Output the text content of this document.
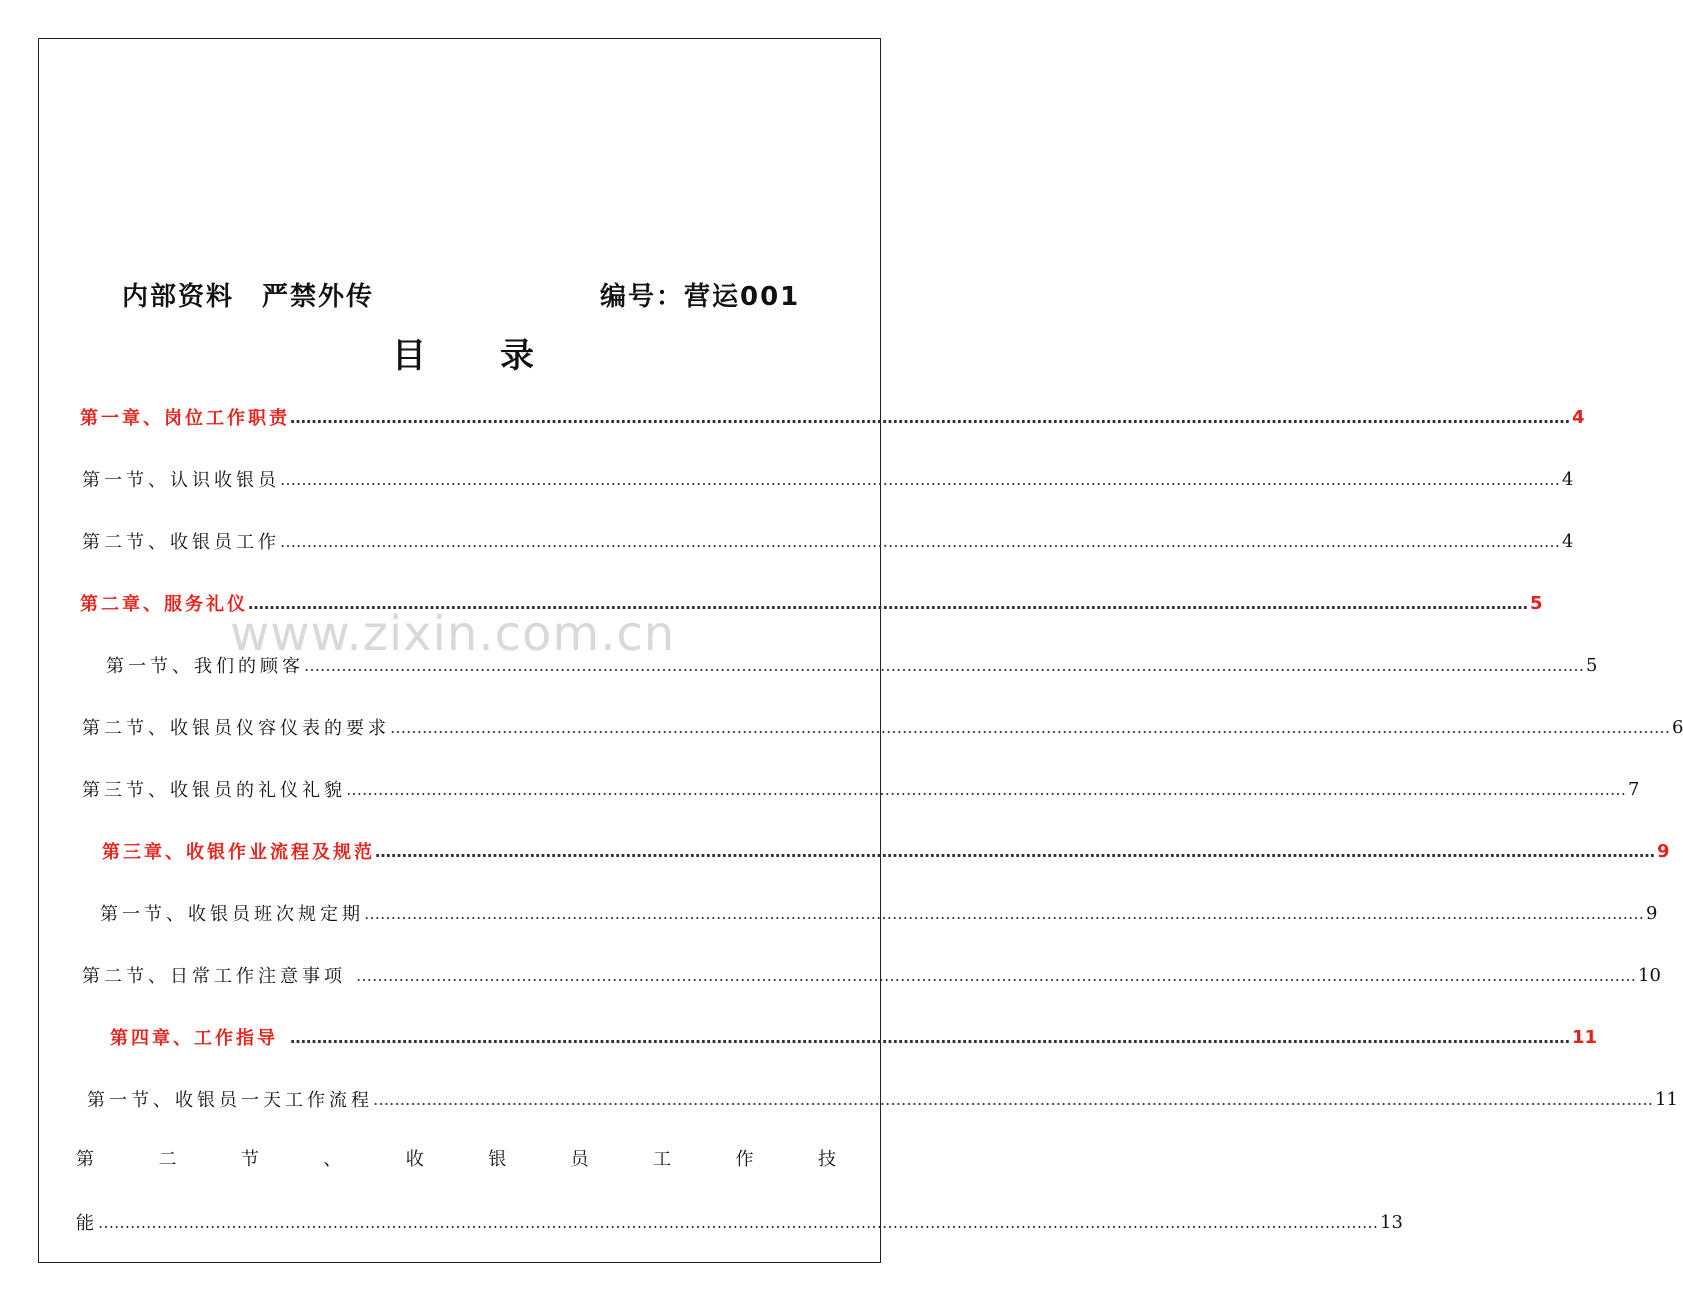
内部资料　严禁外传	编号：营运001
目 录
www.zixin.com.cn
第一章、岗位工作职责 …………………………………………………………………………………………………………………………………………………………………………………………………………………… 4
第一节、认识收银员 …………………………………………………………………………………………………………………………………………………………………………………………………………………… 4
第二节、收银员工作 …………………………………………………………………………………………………………………………………………………………………………………………………………………… 4
第二章、服务礼仪 …………………………………………………………………………………………………………………………………………………………………………………………………………………… 5
第一节、我们的顾客 …………………………………………………………………………………………………………………………………………………………………………………………………………………… 5
第二节、收银员仪容仪表的要求 …………………………………………………………………………………………………………………………………………………………………………………………………………………… 6
第三节、收银员的礼仪礼貌 …………………………………………………………………………………………………………………………………………………………………………………………………………………… 7
第三章、收银作业流程及规范 …………………………………………………………………………………………………………………………………………………………………………………………………………………… 9
第一节、收银员班次规定期 …………………………………………………………………………………………………………………………………………………………………………………………………………………… 9
第二节、日常工作注意事项 …………………………………………………………………………………………………………………………………………………………………………………………………………………… 10
第四章、工作指导 …………………………………………………………………………………………………………………………………………………………………………………………………………………… 11
第一节、收银员一天工作流程 …………………………………………………………………………………………………………………………………………………………………………………………………………………… 11
第	二	节	、	收	银	员	工	作	技
能 …………………………………………………………………………………………………………………………………………………………………………………………………………………… 13
